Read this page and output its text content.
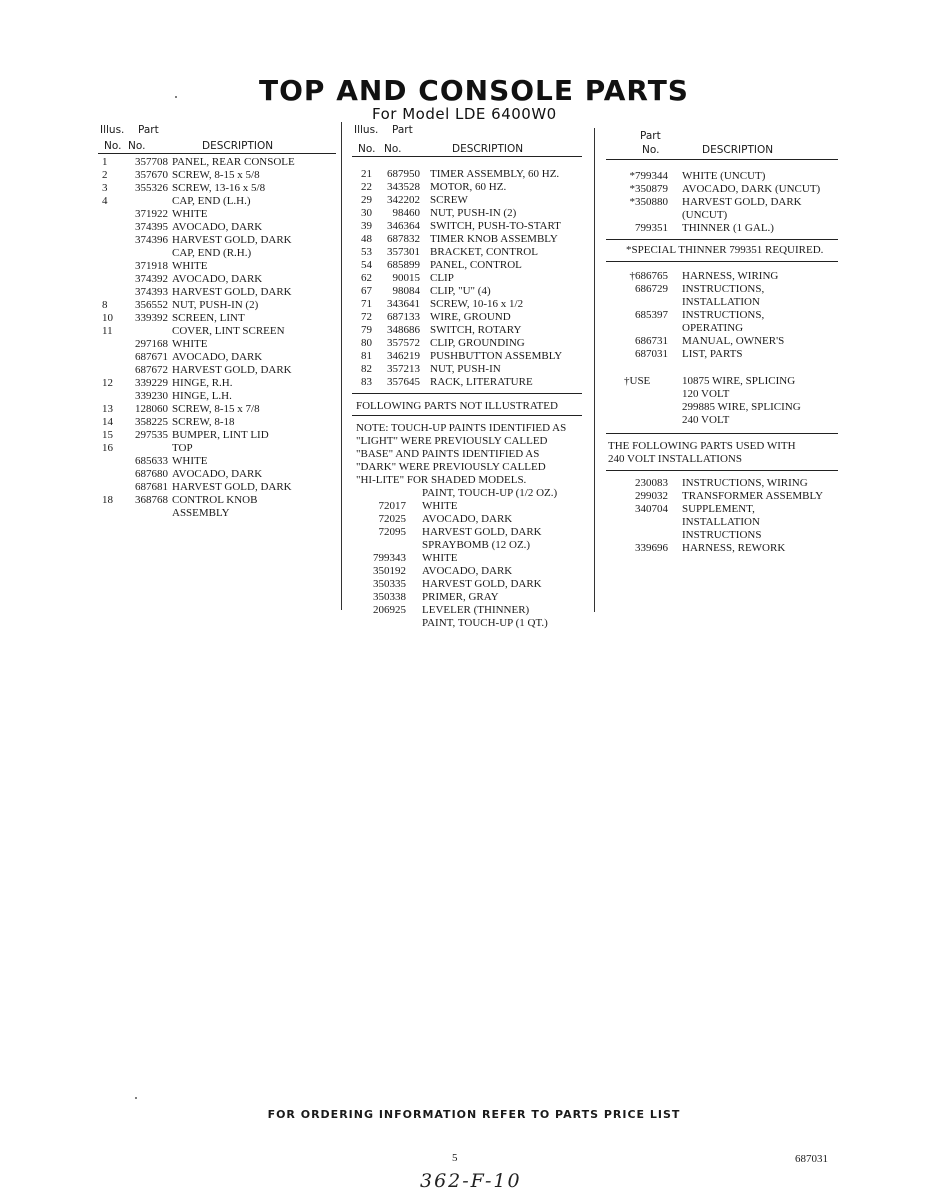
TOP AND CONSOLE PARTS
For Model LDE 6400W0
Illus. Part
No. No.	DESCRIPTION
1	357708 PANEL, REAR CONSOLE
2	357670 SCREW, 8-15 x 5/8
3	355326 SCREW, 13-16 x 5/8
4	CAP, END (L.H.)
371922 WHITE
374395 AVOCADO, DARK
374396 HARVEST GOLD, DARK
CAP, END (R.H.)
371918 WHITE
374392 AVOCADO, DARK
374393 HARVEST GOLD, DARK
8	356552 NUT, PUSH-IN (2)
10	339392 SCREEN, LINT
11	COVER, LINT SCREEN
297168 WHITE
687671 AVOCADO, DARK
687672 HARVEST GOLD, DARK
12	339229 HINGE, R.H.
339230 HINGE, L.H.
13	128060 SCREW, 8-15 x 7/8
14	358225 SCREW, 8-18
15	297535 BUMPER, LINT LID
16	TOP
685633 WHITE
687680 AVOCADO, DARK
687681 HARVEST GOLD, DARK
18	368768 CONTROL KNOB
ASSEMBLY
Illus. Part
No. No.	DESCRIPTION
21	687950 TIMER ASSEMBLY, 60 HZ.
22	343528 MOTOR, 60 HZ.
29	342202 SCREW
30	98460 NUT, PUSH-IN (2)
39	346364 SWITCH, PUSH-TO-START
48	687832 TIMER KNOB ASSEMBLY
53	357301 BRACKET, CONTROL
54	685899 PANEL, CONTROL
62	90015 CLIP
67	98084 CLIP, "U" (4)
71	343641 SCREW, 10-16 x 1/2
72	687133 WIRE, GROUND
79	348686 SWITCH, ROTARY
80	357572 CLIP, GROUNDING
81	346219 PUSHBUTTON ASSEMBLY
82	357213 NUT, PUSH-IN
83	357645 RACK, LITERATURE
FOLLOWING PARTS NOT ILLUSTRATED
NOTE: TOUCH-UP PAINTS IDENTIFIED AS
"LIGHT" WERE PREVIOUSLY CALLED
"BASE" AND PAINTS IDENTIFIED AS
"DARK" WERE PREVIOUSLY CALLED
"HI-LITE" FOR SHADED MODELS.
PAINT, TOUCH-UP (1/2 OZ.)
72017 WHITE
72025 AVOCADO, DARK
72095 HARVEST GOLD, DARK
SPRAYBOMB (12 OZ.)
799343 WHITE
350192 AVOCADO, DARK
350335 HARVEST GOLD, DARK
350338 PRIMER, GRAY
206925 LEVELER (THINNER)
PAINT, TOUCH-UP (1 QT.)
Part
No.	DESCRIPTION
*799344 WHITE (UNCUT)
*350879 AVOCADO, DARK (UNCUT)
*350880 HARVEST GOLD, DARK
(UNCUT)
799351 THINNER (1 GAL.)
*SPECIAL THINNER 799351 REQUIRED.
†686765 HARNESS, WIRING
686729 INSTRUCTIONS,
INSTALLATION
685397 INSTRUCTIONS,
OPERATING
686731 MANUAL, OWNER'S
687031 LIST, PARTS
†USE	10875 WIRE, SPLICING
120 VOLT
299885 WIRE, SPLICING
240 VOLT
THE FOLLOWING PARTS USED WITH
240 VOLT INSTALLATIONS
230083 INSTRUCTIONS, WIRING
299032 TRANSFORMER ASSEMBLY
340704 SUPPLEMENT,
INSTALLATION
INSTRUCTIONS
339696 HARNESS, REWORK
FOR ORDERING INFORMATION REFER TO PARTS PRICE LIST
5	687031
362-F-10
